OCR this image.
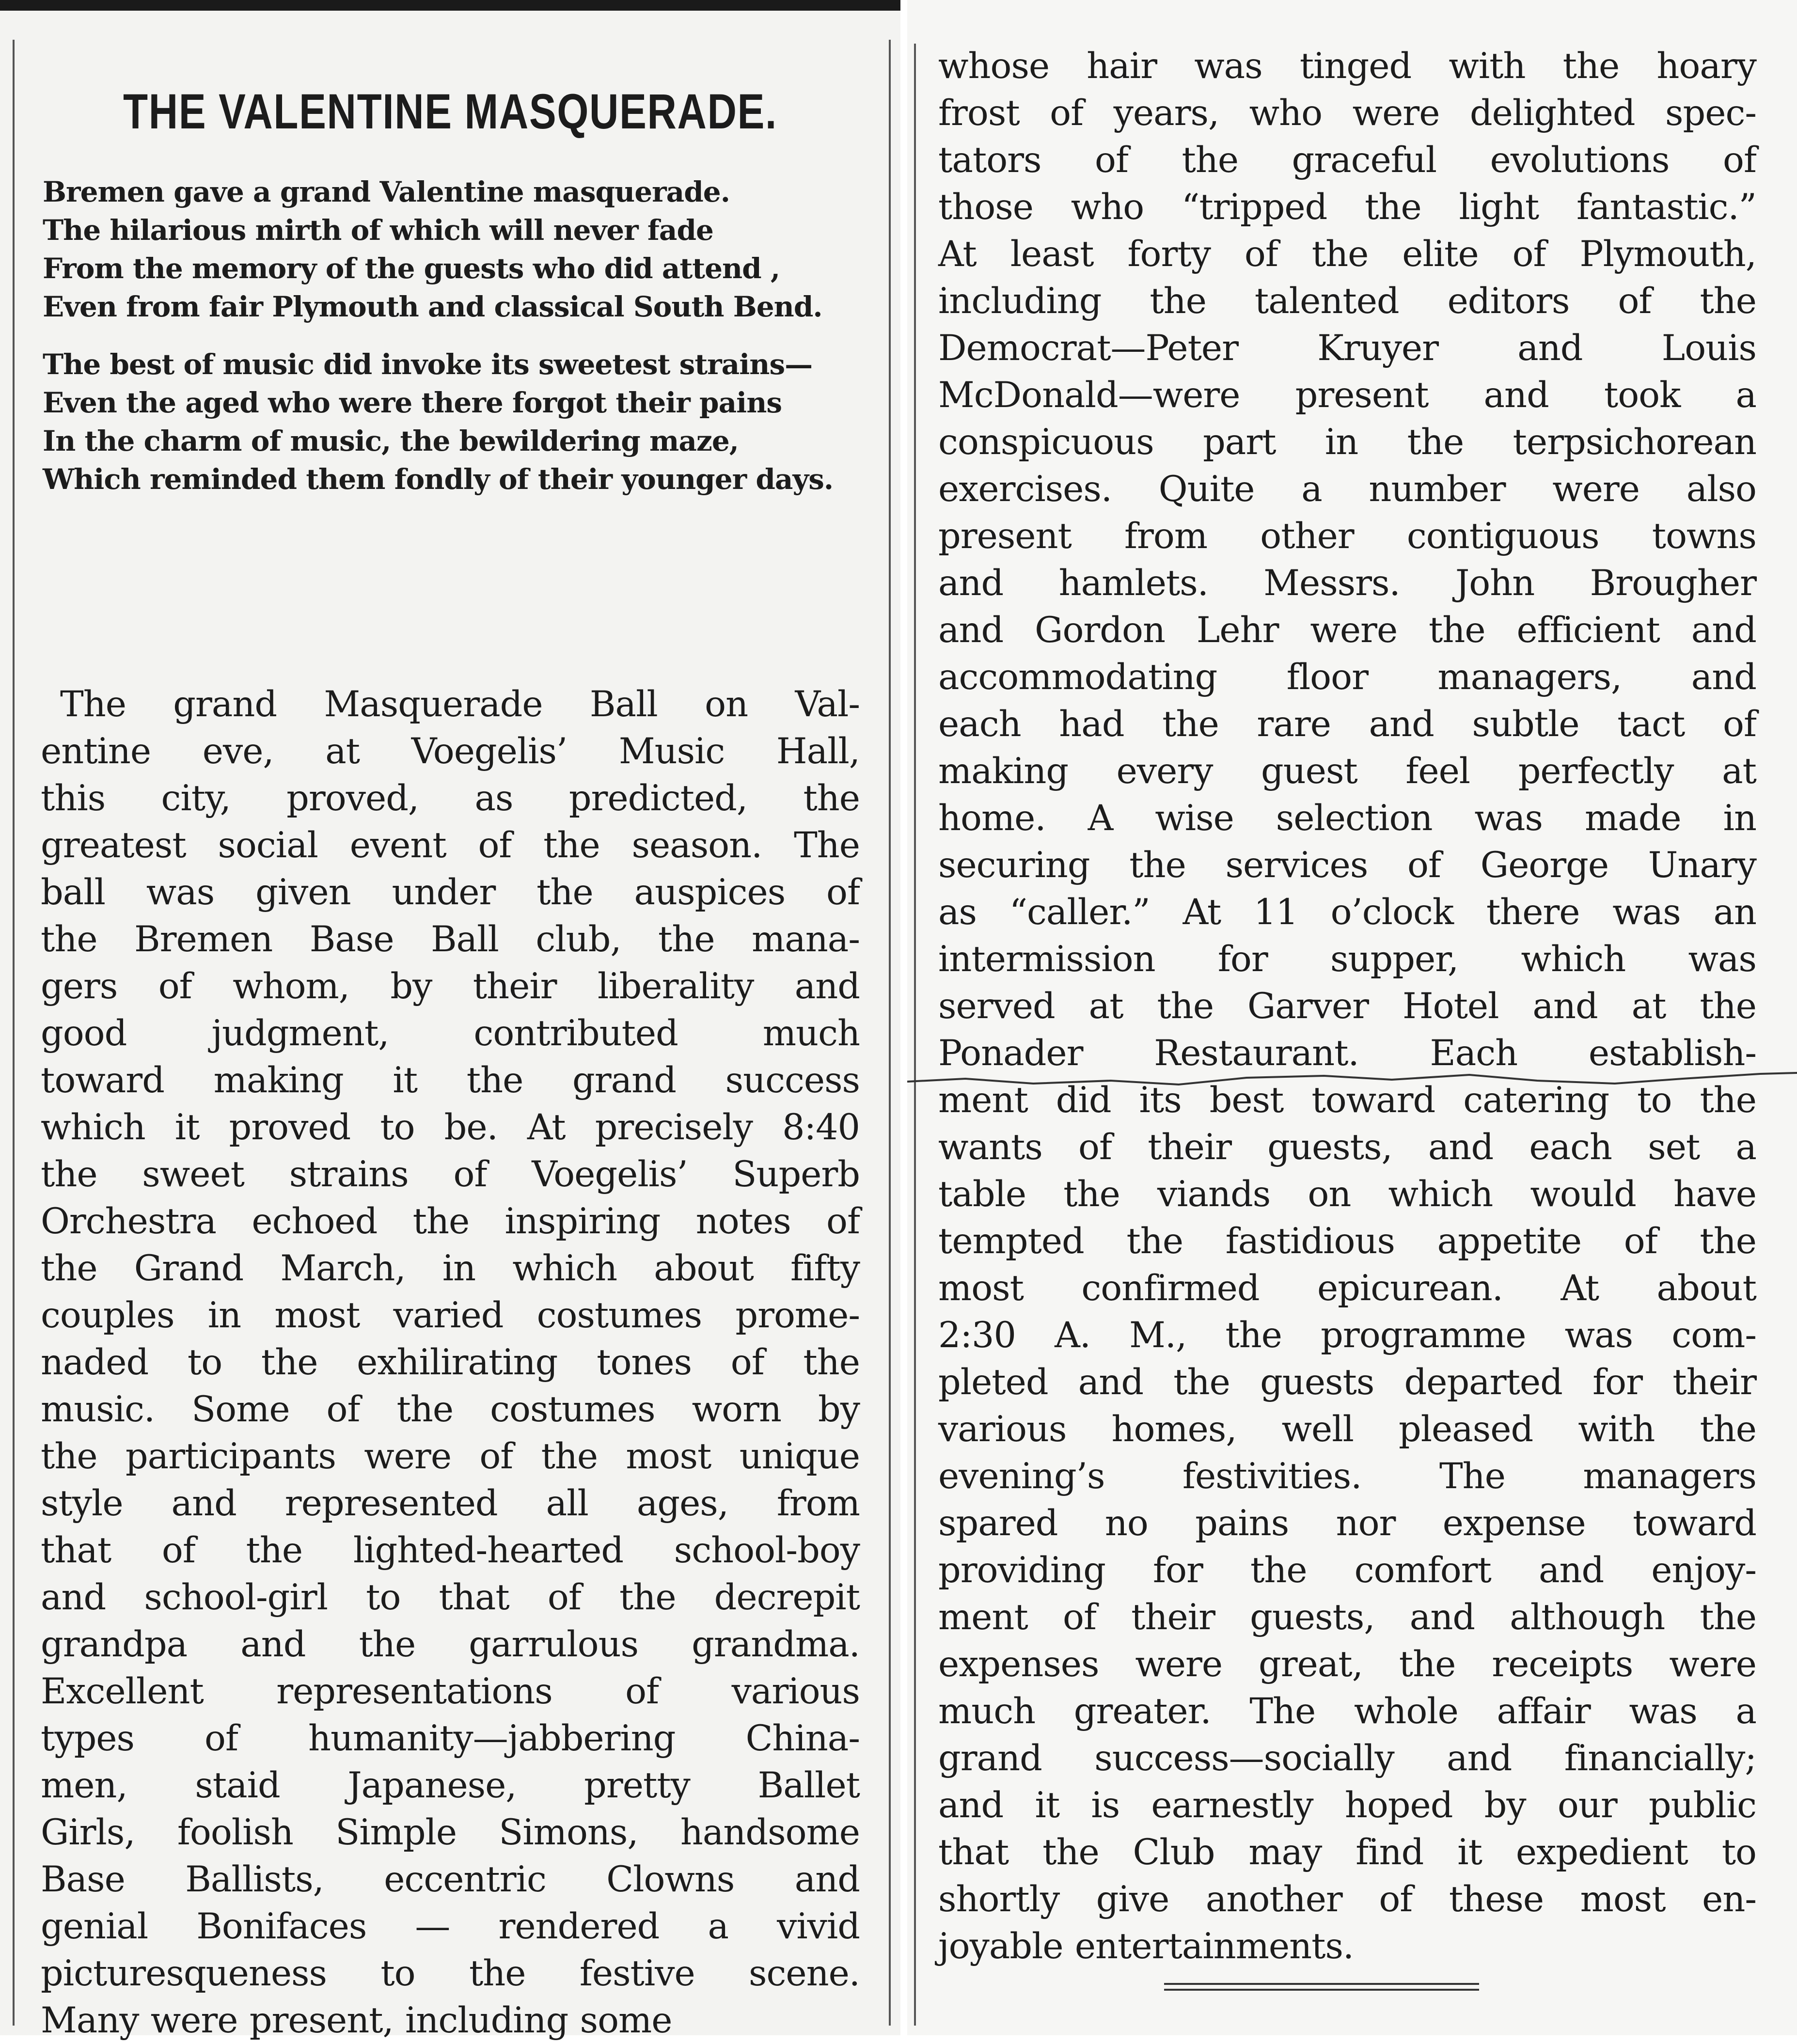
THE VALENTINE MASQUERADE.

Bremen gave a grand Valentine masquerade.

The hilarious mirth of which will never fade

From the memory of the guests who did attend ,

Even from fair Plymouth and classical South Bend.

The best of music did invoke its sweetest strains—

Even the aged who were there forgot their pains

In the charm of music, the bewildering maze,

Which reminded them fondly of their younger days.

The grand Masquerade Ball on Val-
entine eve, at Voegelis’ Music Hall,
this city, proved, as predicted, the
greatest social event of the season. The
ball was given under the auspices of
the Bremen Base Ball club, the mana-
gers of whom, by their liberality and
good judgment, contributed much
toward making it the grand success
which it proved to be. At precisely 8:40
the sweet strains of Voegelis’ Superb
Orchestra echoed the inspiring notes of
the Grand March, in which about fifty
couples in most varied costumes prome-
naded to the exhilirating tones of the
music. Some of the costumes worn by
the participants were of the most unique
style and represented all ages, from
that of the lighted-hearted school-boy
and school-girl to that of the decrepit
grandpa and the garrulous grandma.
Excellent representations of various
types of humanity—jabbering China-
men, staid Japanese, pretty Ballet
Girls, foolish Simple Simons, handsome
Base Ballists, eccentric Clowns and
genial Bonifaces — rendered a vivid
picturesqueness to the festive scene.
Many were present, including some
whose hair was tinged with the hoary
frost of years, who were delighted spec-
tators of the graceful evolutions of
those who “tripped the light fantastic.”
At least forty of the elite of Plymouth,
including the talented editors of the
Democrat—Peter Kruyer and Louis
McDonald—were present and took a
conspicuous part in the terpsichorean
exercises. Quite a number were also
present from other contiguous towns
and hamlets. Messrs. John Brougher
and Gordon Lehr were the efficient and
accommodating floor managers, and
each had the rare and subtle tact of
making every guest feel perfectly at
home. A wise selection was made in
securing the services of George Unary
as “caller.” At 11 o’clock there was an
intermission for supper, which was
served at the Garver Hotel and at the
Ponader Restaurant. Each establish-
ment did its best toward catering to the
wants of their guests, and each set a
table the viands on which would have
tempted the fastidious appetite of the
most confirmed epicurean. At about
2:30 A. M., the programme was com-
pleted and the guests departed for their
various homes, well pleased with the
evening’s festivities. The managers
spared no pains nor expense toward
providing for the comfort and enjoy-
ment of their guests, and although the
expenses were great, the receipts were
much greater. The whole affair was a
grand success—socially and financially;
and it is earnestly hoped by our public
that the Club may find it expedient to
shortly give another of these most en-
joyable entertainments.
